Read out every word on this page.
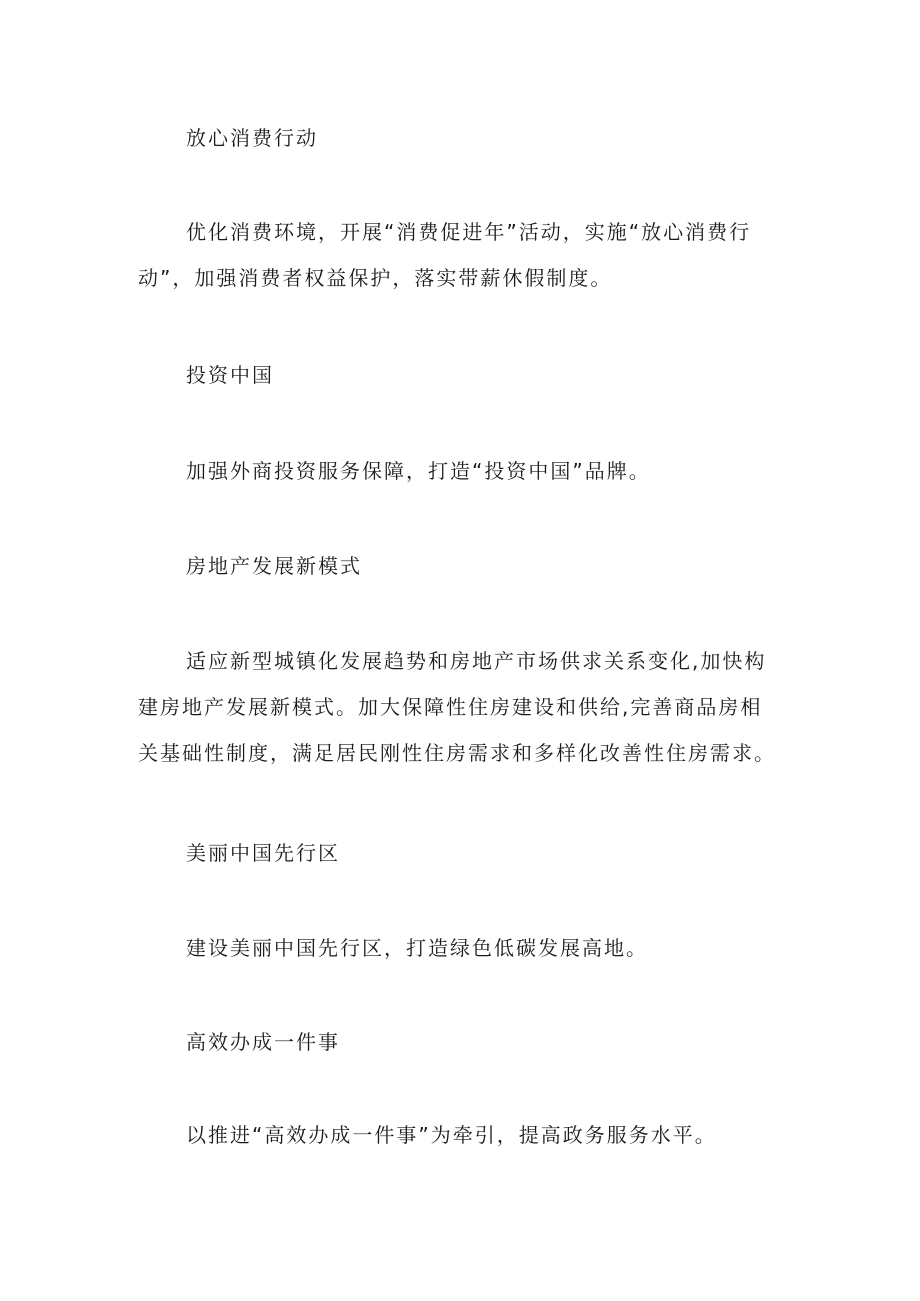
放心消费行动

优化消费环境，开展“消费促进年”活动，实施“放心消费行动”，加强消费者权益保护，落实带薪休假制度。

投资中国

加强外商投资服务保障，打造“投资中国”品牌。

房地产发展新模式

适应新型城镇化发展趋势和房地产市场供求关系变化,加快构建房地产发展新模式。加大保障性住房建设和供给,完善商品房相关基础性制度，满足居民刚性住房需求和多样化改善性住房需求。

美丽中国先行区

建设美丽中国先行区，打造绿色低碳发展高地。

高效办成一件事

以推进“高效办成一件事”为牵引，提高政务服务水平。
